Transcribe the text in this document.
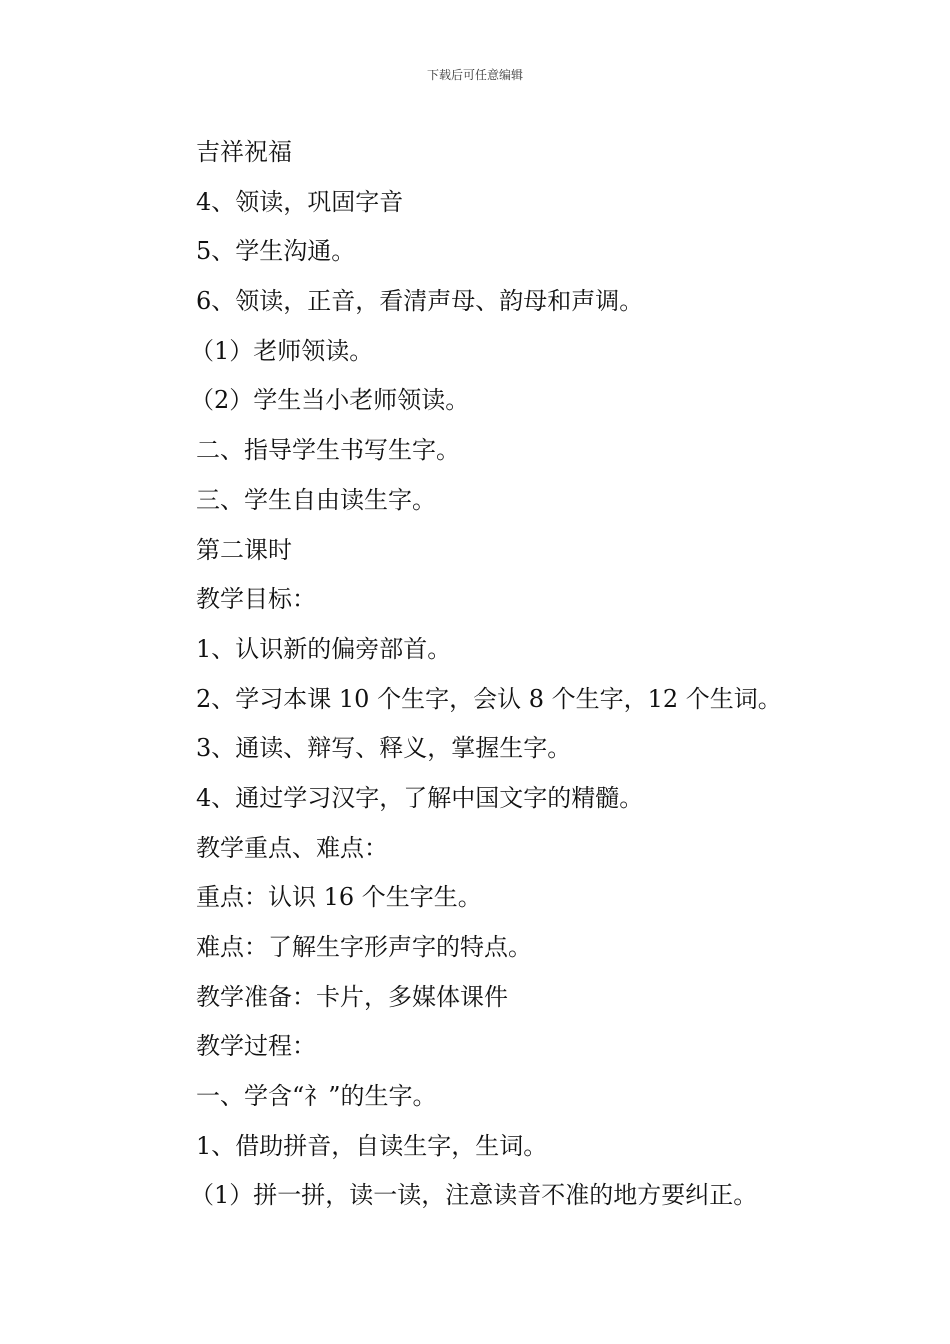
下载后可任意编辑
吉祥祝福
4、领读，巩固字音
5、学生沟通。
6、领读，正音，看清声母、韵母和声调。
（1）老师领读。
（2）学生当小老师领读。
二、指导学生书写生字。
三、学生自由读生字。
第二课时
教学目标：
1、认识新的偏旁部首。
2、学习本课 10 个生字，会认 8 个生字，12 个生词。
3、通读、辩写、释义，掌握生字。
4、通过学习汉字，了解中国文字的精髓。
教学重点、难点：
重点：认识 16 个生字生。
难点：了解生字形声字的特点。
教学准备：卡片，多媒体课件
教学过程：
一、学含“礻”的生字。
1、借助拼音，自读生字，生词。
（1）拼一拼，读一读，注意读音不准的地方要纠正。
